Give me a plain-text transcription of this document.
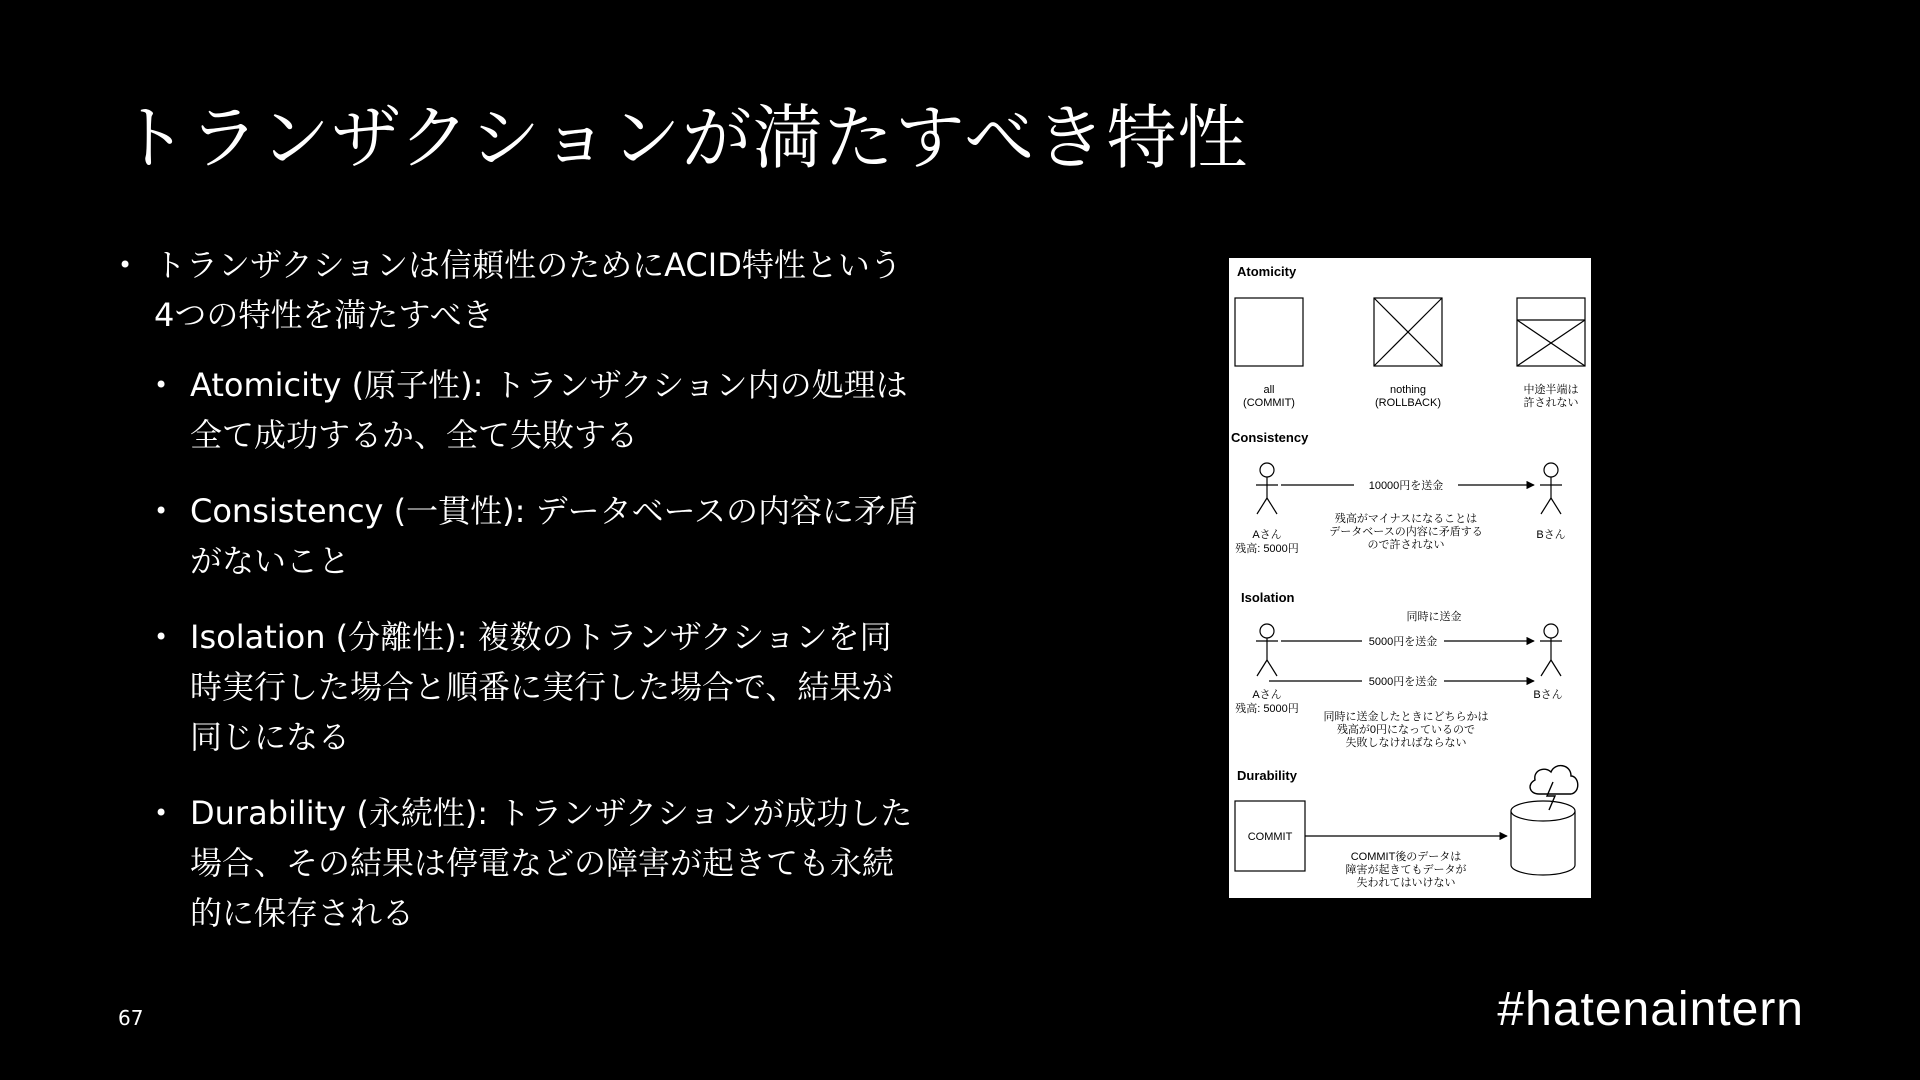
トランザクションが満たすべき特性
• トランザクションは信頼性のためにACID特性という4つの特性を満たすべき
• Atomicity (原子性): トランザクション内の処理は全て成功するか、全て失敗する
• Consistency (一貫性): データベースの内容に矛盾がないこと
• Isolation (分離性): 複数のトランザクションを同時実行した場合と順番に実行した場合で、結果が同じになる
• Durability (永続性): トランザクションが成功した場合、その結果は停電などの障害が起きても永続的に保存される
Atomicity
all
(COMMIT)
nothing
(ROLLBACK)
中途半端は
許されない
Consistency
10000円を送金
Aさん
残高: 5000円
Bさん
残高がマイナスになることは
データベースの内容に矛盾する
ので許されない
Isolation
同時に送金
5000円を送金
5000円を送金
Aさん
残高: 5000円
Bさん
同時に送金したときにどちらかは
残高が0円になっているので
失敗しなければならない
Durability
COMMIT
COMMIT後のデータは
障害が起きてもデータが
失われてはいけない
67	#hatenaintern
